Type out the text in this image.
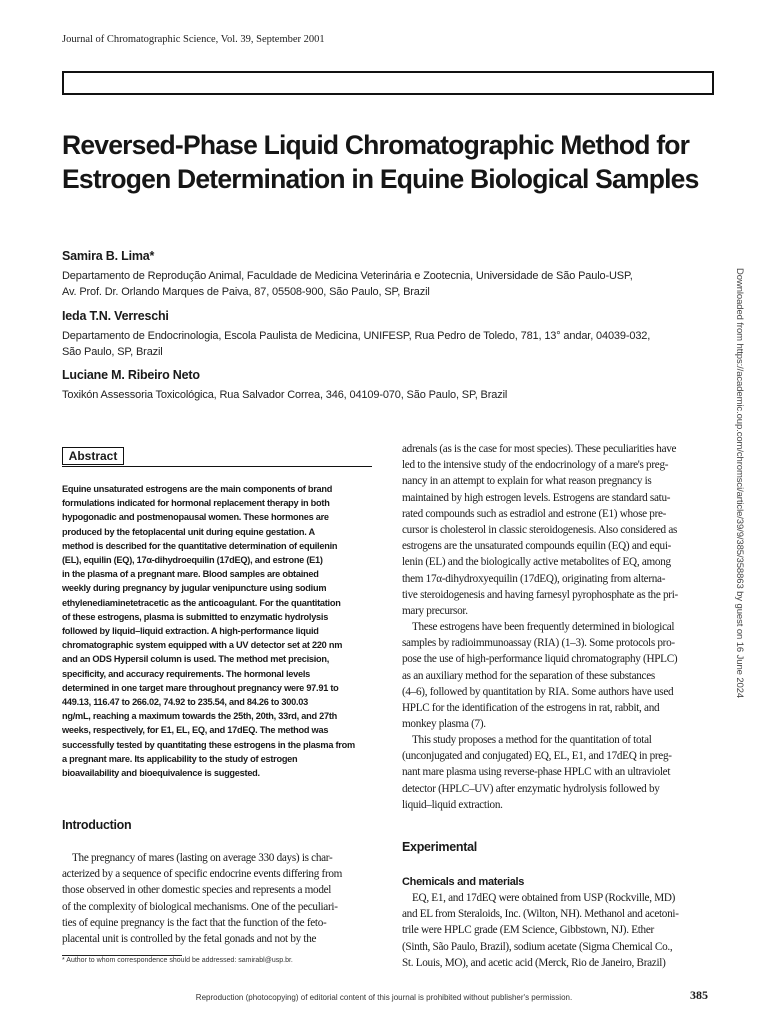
Journal of Chromatographic Science, Vol. 39, September 2001
Reversed-Phase Liquid Chromatographic Method for
Estrogen Determination in Equine Biological Samples
Samira B. Lima*
Departamento de Reprodução Animal, Faculdade de Medicina Veterinária e Zootecnia, Universidade de São Paulo-USP,
Av. Prof. Dr. Orlando Marques de Paiva, 87, 05508-900, São Paulo, SP, Brazil
Ieda T.N. Verreschi
Departamento de Endocrinologia, Escola Paulista de Medicina, UNIFESP, Rua Pedro de Toledo, 781, 13° andar, 04039-032,
São Paulo, SP, Brazil
Luciane M. Ribeiro Neto
Toxikón Assessoria Toxicológica, Rua Salvador Correa, 346, 04109-070, São Paulo, SP, Brazil
Abstract
Equine unsaturated estrogens are the main components of brand
formulations indicated for hormonal replacement therapy in both
hypogonadic and postmenopausal women. These hormones are
produced by the fetoplacental unit during equine gestation. A
method is described for the quantitative determination of equilenin
(EL), equilin (EQ), 17α-dihydroequilin (17dEQ), and estrone (E1)
in the plasma of a pregnant mare. Blood samples are obtained
weekly during pregnancy by jugular venipuncture using sodium
ethylenediaminetetracetic as the anticoagulant. For the quantitation
of these estrogens, plasma is submitted to enzymatic hydrolysis
followed by liquid–liquid extraction. A high-performance liquid
chromatographic system equipped with a UV detector set at 220 nm
and an ODS Hypersil column is used. The method met precision,
specificity, and accuracy requirements. The hormonal levels
determined in one target mare throughout pregnancy were 97.91 to
449.13, 116.47 to 266.02, 74.92 to 235.54, and 84.26 to 300.03
ng/mL, reaching a maximum towards the 25th, 20th, 33rd, and 27th
weeks, respectively, for E1, EL, EQ, and 17dEQ. The method was
successfully tested by quantitating these estrogens in the plasma from
a pregnant mare. Its applicability to the study of estrogen
bioavailability and bioequivalence is suggested.
Introduction
The pregnancy of mares (lasting on average 330 days) is char-
acterized by a sequence of specific endocrine events differing from
those observed in other domestic species and represents a model
of the complexity of biological mechanisms. One of the peculiari-
ties of equine pregnancy is the fact that the function of the feto-
placental unit is controlled by the fetal gonads and not by the
* Author to whom correspondence should be addressed: samirabl@usp.br.
adrenals (as is the case for most species). These peculiarities have
led to the intensive study of the endocrinology of a mare's preg-
nancy in an attempt to explain for what reason pregnancy is
maintained by high estrogen levels. Estrogens are standard satu-
rated compounds such as estradiol and estrone (E1) whose pre-
cursor is cholesterol in classic steroidogenesis. Also considered as
estrogens are the unsaturated compounds equilin (EQ) and equi-
lenin (EL) and the biologically active metabolites of EQ, among
them 17α-dihydroxyequilin (17dEQ), originating from alterna-
tive steroidogenesis and having farnesyl pyrophosphate as the pri-
mary precursor.
These estrogens have been frequently determined in biological
samples by radioimmunoassay (RIA) (1–3). Some protocols pro-
pose the use of high-performance liquid chromatography (HPLC)
as an auxiliary method for the separation of these substances
(4–6), followed by quantitation by RIA. Some authors have used
HPLC for the identification of the estrogens in rat, rabbit, and
monkey plasma (7).
This study proposes a method for the quantitation of total
(unconjugated and conjugated) EQ, EL, E1, and 17dEQ in preg-
nant mare plasma using reverse-phase HPLC with an ultraviolet
detector (HPLC–UV) after enzymatic hydrolysis followed by
liquid–liquid extraction.
Experimental
Chemicals and materials
EQ, E1, and 17dEQ were obtained from USP (Rockville, MD)
and EL from Steraloids, Inc. (Wilton, NH). Methanol and acetoni-
trile were HPLC grade (EM Science, Gibbstown, NJ). Ether
(Sinth, São Paulo, Brazil), sodium acetate (Sigma Chemical Co.,
St. Louis, MO), and acetic acid (Merck, Rio de Janeiro, Brazil)
Reproduction (photocopying) of editorial content of this journal is prohibited without publisher's permission.	385
Downloaded from https://academic.oup.com/chromsci/article/39/9/385/358863 by guest on 16 June 2024
